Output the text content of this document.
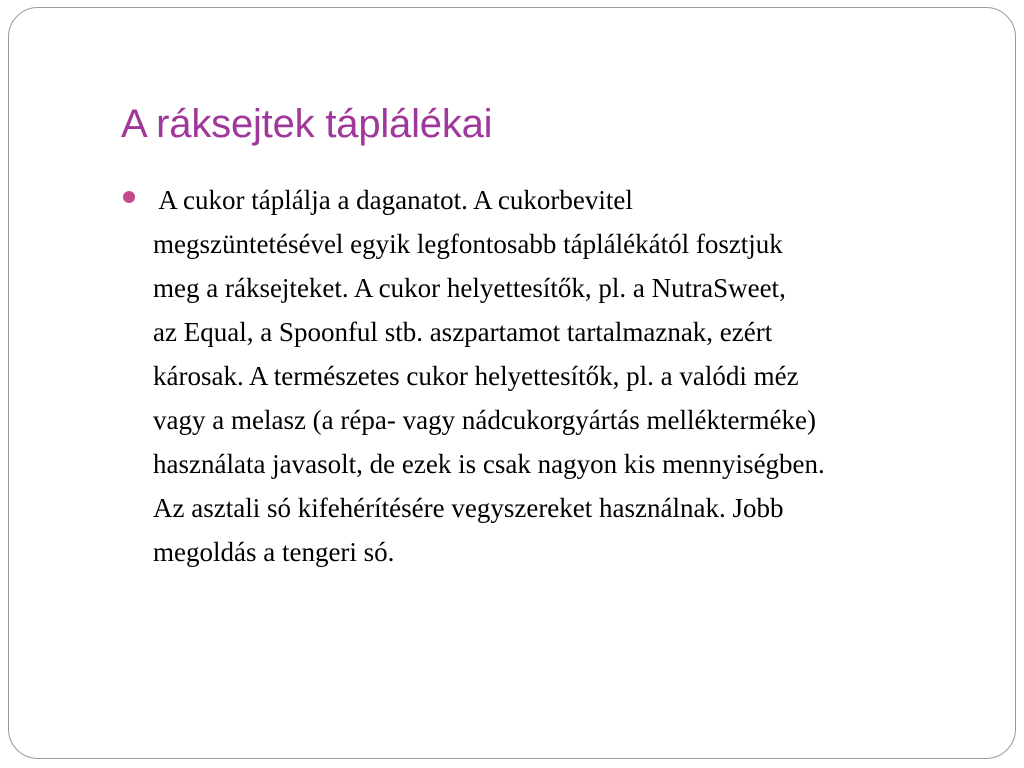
A ráksejtek táplálékai
A cukor táplálja a daganatot. A cukorbevitel
megszüntetésével egyik legfontosabb táplálékától fosztjuk
meg a ráksejteket. A cukor helyettesítők, pl. a NutraSweet,
az Equal, a Spoonful stb. aszpartamot tartalmaznak, ezért
károsak. A természetes cukor helyettesítők, pl. a valódi méz
vagy a melasz (a répa- vagy nádcukorgyártás mellékterméke)
használata javasolt, de ezek is csak nagyon kis mennyiségben.
Az asztali só kifehérítésére vegyszereket használnak. Jobb
megoldás a tengeri só.
